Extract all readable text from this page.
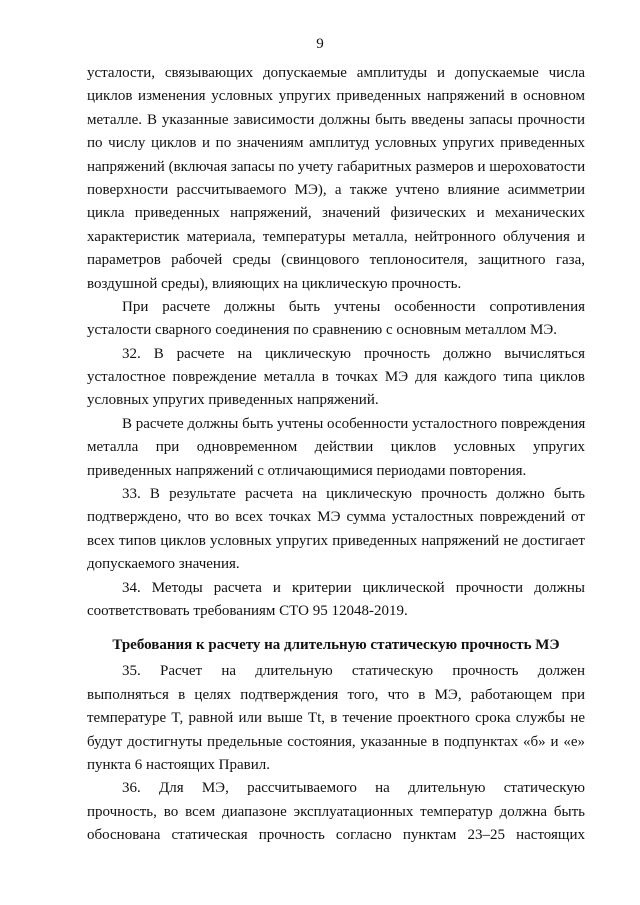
9
усталости, связывающих допускаемые амплитуды и допускаемые числа
циклов изменения условных упругих приведенных напряжений в основном
металле. В указанные зависимости должны быть введены запасы прочности
по числу циклов и по значениям амплитуд условных упругих приведенных
напряжений (включая запасы по учету габаритных размеров и шероховатости
поверхности рассчитываемого МЭ), а также учтено влияние асимметрии
цикла приведенных напряжений, значений физических и механических
характеристик материала, температуры металла, нейтронного облучения и
параметров рабочей среды (свинцового теплоносителя, защитного газа,
воздушной среды), влияющих на циклическую прочность.
При расчете должны быть учтены особенности сопротивления
усталости сварного соединения по сравнению с основным металлом МЭ.
32. В расчете на циклическую прочность должно вычисляться
усталостное повреждение металла в точках МЭ для каждого типа циклов
условных упругих приведенных напряжений.
В расчете должны быть учтены особенности усталостного повреждения
металла при одновременном действии циклов условных упругих
приведенных напряжений с отличающимися периодами повторения.
33. В результате расчета на циклическую прочность должно быть
подтверждено, что во всех точках МЭ сумма усталостных повреждений от
всех типов циклов условных упругих приведенных напряжений не достигает
допускаемого значения.
34. Методы расчета и критерии циклической прочности должны
соответствовать требованиям СТО 95 12048-2019.
Требования к расчету на длительную статическую прочность МЭ
35. Расчет на длительную статическую прочность должен
выполняться в целях подтверждения того, что в МЭ, работающем при
температуре T, равной или выше Tt, в течение проектного срока службы не
будут достигнуты предельные состояния, указанные в подпунктах «б» и «е»
пункта 6 настоящих Правил.
36. Для МЭ, рассчитываемого на длительную статическую
прочность, во всем диапазоне эксплуатационных температур должна быть
обоснована статическая прочность согласно пунктам 23–25 настоящих
